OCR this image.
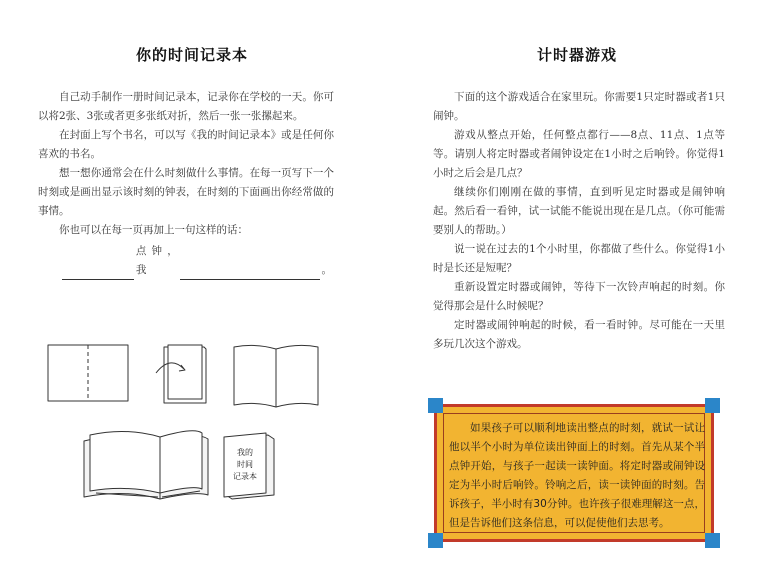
你的时间记录本

自己动手制作一册时间记录本，记录你在学校的一天。你可以将2张、3张或者更多张纸对折，然后一张一张摞起来。

在封面上写个书名，可以写《我的时间记录本》或是任何你喜欢的书名。

想一想你通常会在什么时刻做什么事情。在每一页写下一个时刻或是画出显示该时刻的钟表，在时刻的下面画出你经常做的事情。

你也可以在每一页再加上一句这样的话：

点钟，我	。
我的
时间
记录本
计时器游戏

下面的这个游戏适合在家里玩。你需要1只定时器或者1只闹钟。

游戏从整点开始，任何整点都行——8点、11点、1点等等。请别人将定时器或者闹钟设定在1小时之后响铃。你觉得1小时之后会是几点？

继续你们刚刚在做的事情，直到听见定时器或是闹钟响起。然后看一看钟，试一试能不能说出现在是几点。（你可能需要别人的帮助。）

说一说在过去的1个小时里，你都做了些什么。你觉得1小时是长还是短呢？

重新设置定时器或闹钟，等待下一次铃声响起的时刻。你觉得那会是什么时候呢？

定时器或闹钟响起的时候，看一看时钟。尽可能在一天里多玩几次这个游戏。

如果孩子可以顺利地读出整点的时刻，就试一试让他以半个小时为单位读出钟面上的时刻。首先从某个半点钟开始，与孩子一起读一读钟面。将定时器或闹钟设定为半小时后响铃。铃响之后，读一读钟面的时刻。告诉孩子，半小时有30分钟。也许孩子很难理解这一点，但是告诉他们这条信息，可以促使他们去思考。
